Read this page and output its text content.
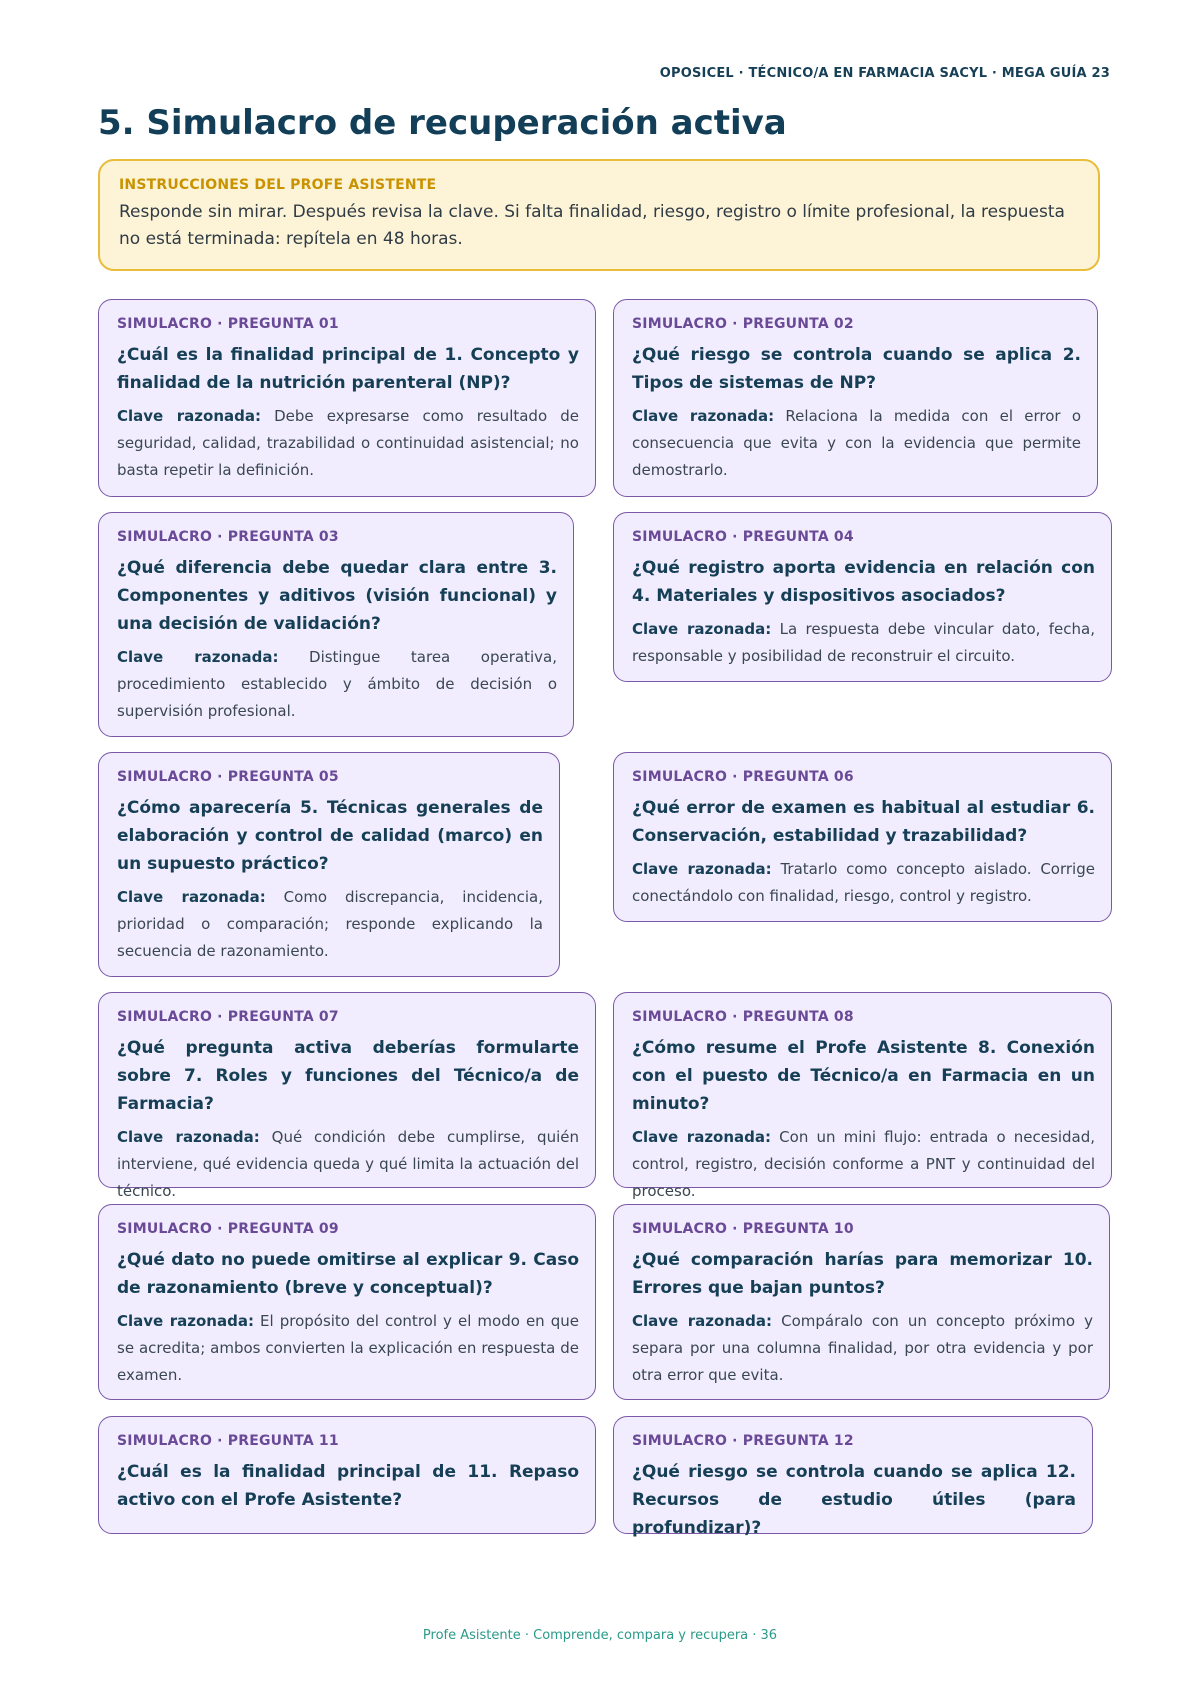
OPOSICEL · TÉCNICO/A EN FARMACIA SACYL · MEGA GUÍA 23
5. Simulacro de recuperación activa
INSTRUCCIONES DEL PROFE ASISTENTE
Responde sin mirar. Después revisa la clave. Si falta finalidad, riesgo, registro o límite profesional, la respuesta no está terminada: repítela en 48 horas.
SIMULACRO · PREGUNTA 01
¿Cuál es la finalidad principal de 1. Concepto y finalidad de la nutrición parenteral (NP)?
Clave razonada: Debe expresarse como resultado de seguridad, calidad, trazabilidad o continuidad asistencial; no basta repetir la definición.
SIMULACRO · PREGUNTA 02
¿Qué riesgo se controla cuando se aplica 2. Tipos de sistemas de NP?
Clave razonada: Relaciona la medida con el error o consecuencia que evita y con la evidencia que permite demostrarlo.
SIMULACRO · PREGUNTA 03
¿Qué diferencia debe quedar clara entre 3. Componentes y aditivos (visión funcional) y una decisión de validación?
Clave razonada: Distingue tarea operativa, procedimiento establecido y ámbito de decisión o supervisión profesional.
SIMULACRO · PREGUNTA 04
¿Qué registro aporta evidencia en relación con 4. Materiales y dispositivos asociados?
Clave razonada: La respuesta debe vincular dato, fecha, responsable y posibilidad de reconstruir el circuito.
SIMULACRO · PREGUNTA 05
¿Cómo aparecería 5. Técnicas generales de elaboración y control de calidad (marco) en un supuesto práctico?
Clave razonada: Como discrepancia, incidencia, prioridad o comparación; responde explicando la secuencia de razonamiento.
SIMULACRO · PREGUNTA 06
¿Qué error de examen es habitual al estudiar 6. Conservación, estabilidad y trazabilidad?
Clave razonada: Tratarlo como concepto aislado. Corrige conectándolo con finalidad, riesgo, control y registro.
SIMULACRO · PREGUNTA 07
¿Qué pregunta activa deberías formularte sobre 7. Roles y funciones del Técnico/a de Farmacia?
Clave razonada: Qué condición debe cumplirse, quién interviene, qué evidencia queda y qué limita la actuación del técnico.
SIMULACRO · PREGUNTA 08
¿Cómo resume el Profe Asistente 8. Conexión con el puesto de Técnico/a en Farmacia en un minuto?
Clave razonada: Con un mini flujo: entrada o necesidad, control, registro, decisión conforme a PNT y continuidad del proceso.
SIMULACRO · PREGUNTA 09
¿Qué dato no puede omitirse al explicar 9. Caso de razonamiento (breve y conceptual)?
Clave razonada: El propósito del control y el modo en que se acredita; ambos convierten la explicación en respuesta de examen.
SIMULACRO · PREGUNTA 10
¿Qué comparación harías para memorizar 10. Errores que bajan puntos?
Clave razonada: Compáralo con un concepto próximo y separa por una columna finalidad, por otra evidencia y por otra error que evita.
SIMULACRO · PREGUNTA 11
¿Cuál es la finalidad principal de 11. Repaso activo con el Profe Asistente?
SIMULACRO · PREGUNTA 12
¿Qué riesgo se controla cuando se aplica 12. Recursos de estudio útiles (para profundizar)?
Profe Asistente · Comprende, compara y recupera · 36
